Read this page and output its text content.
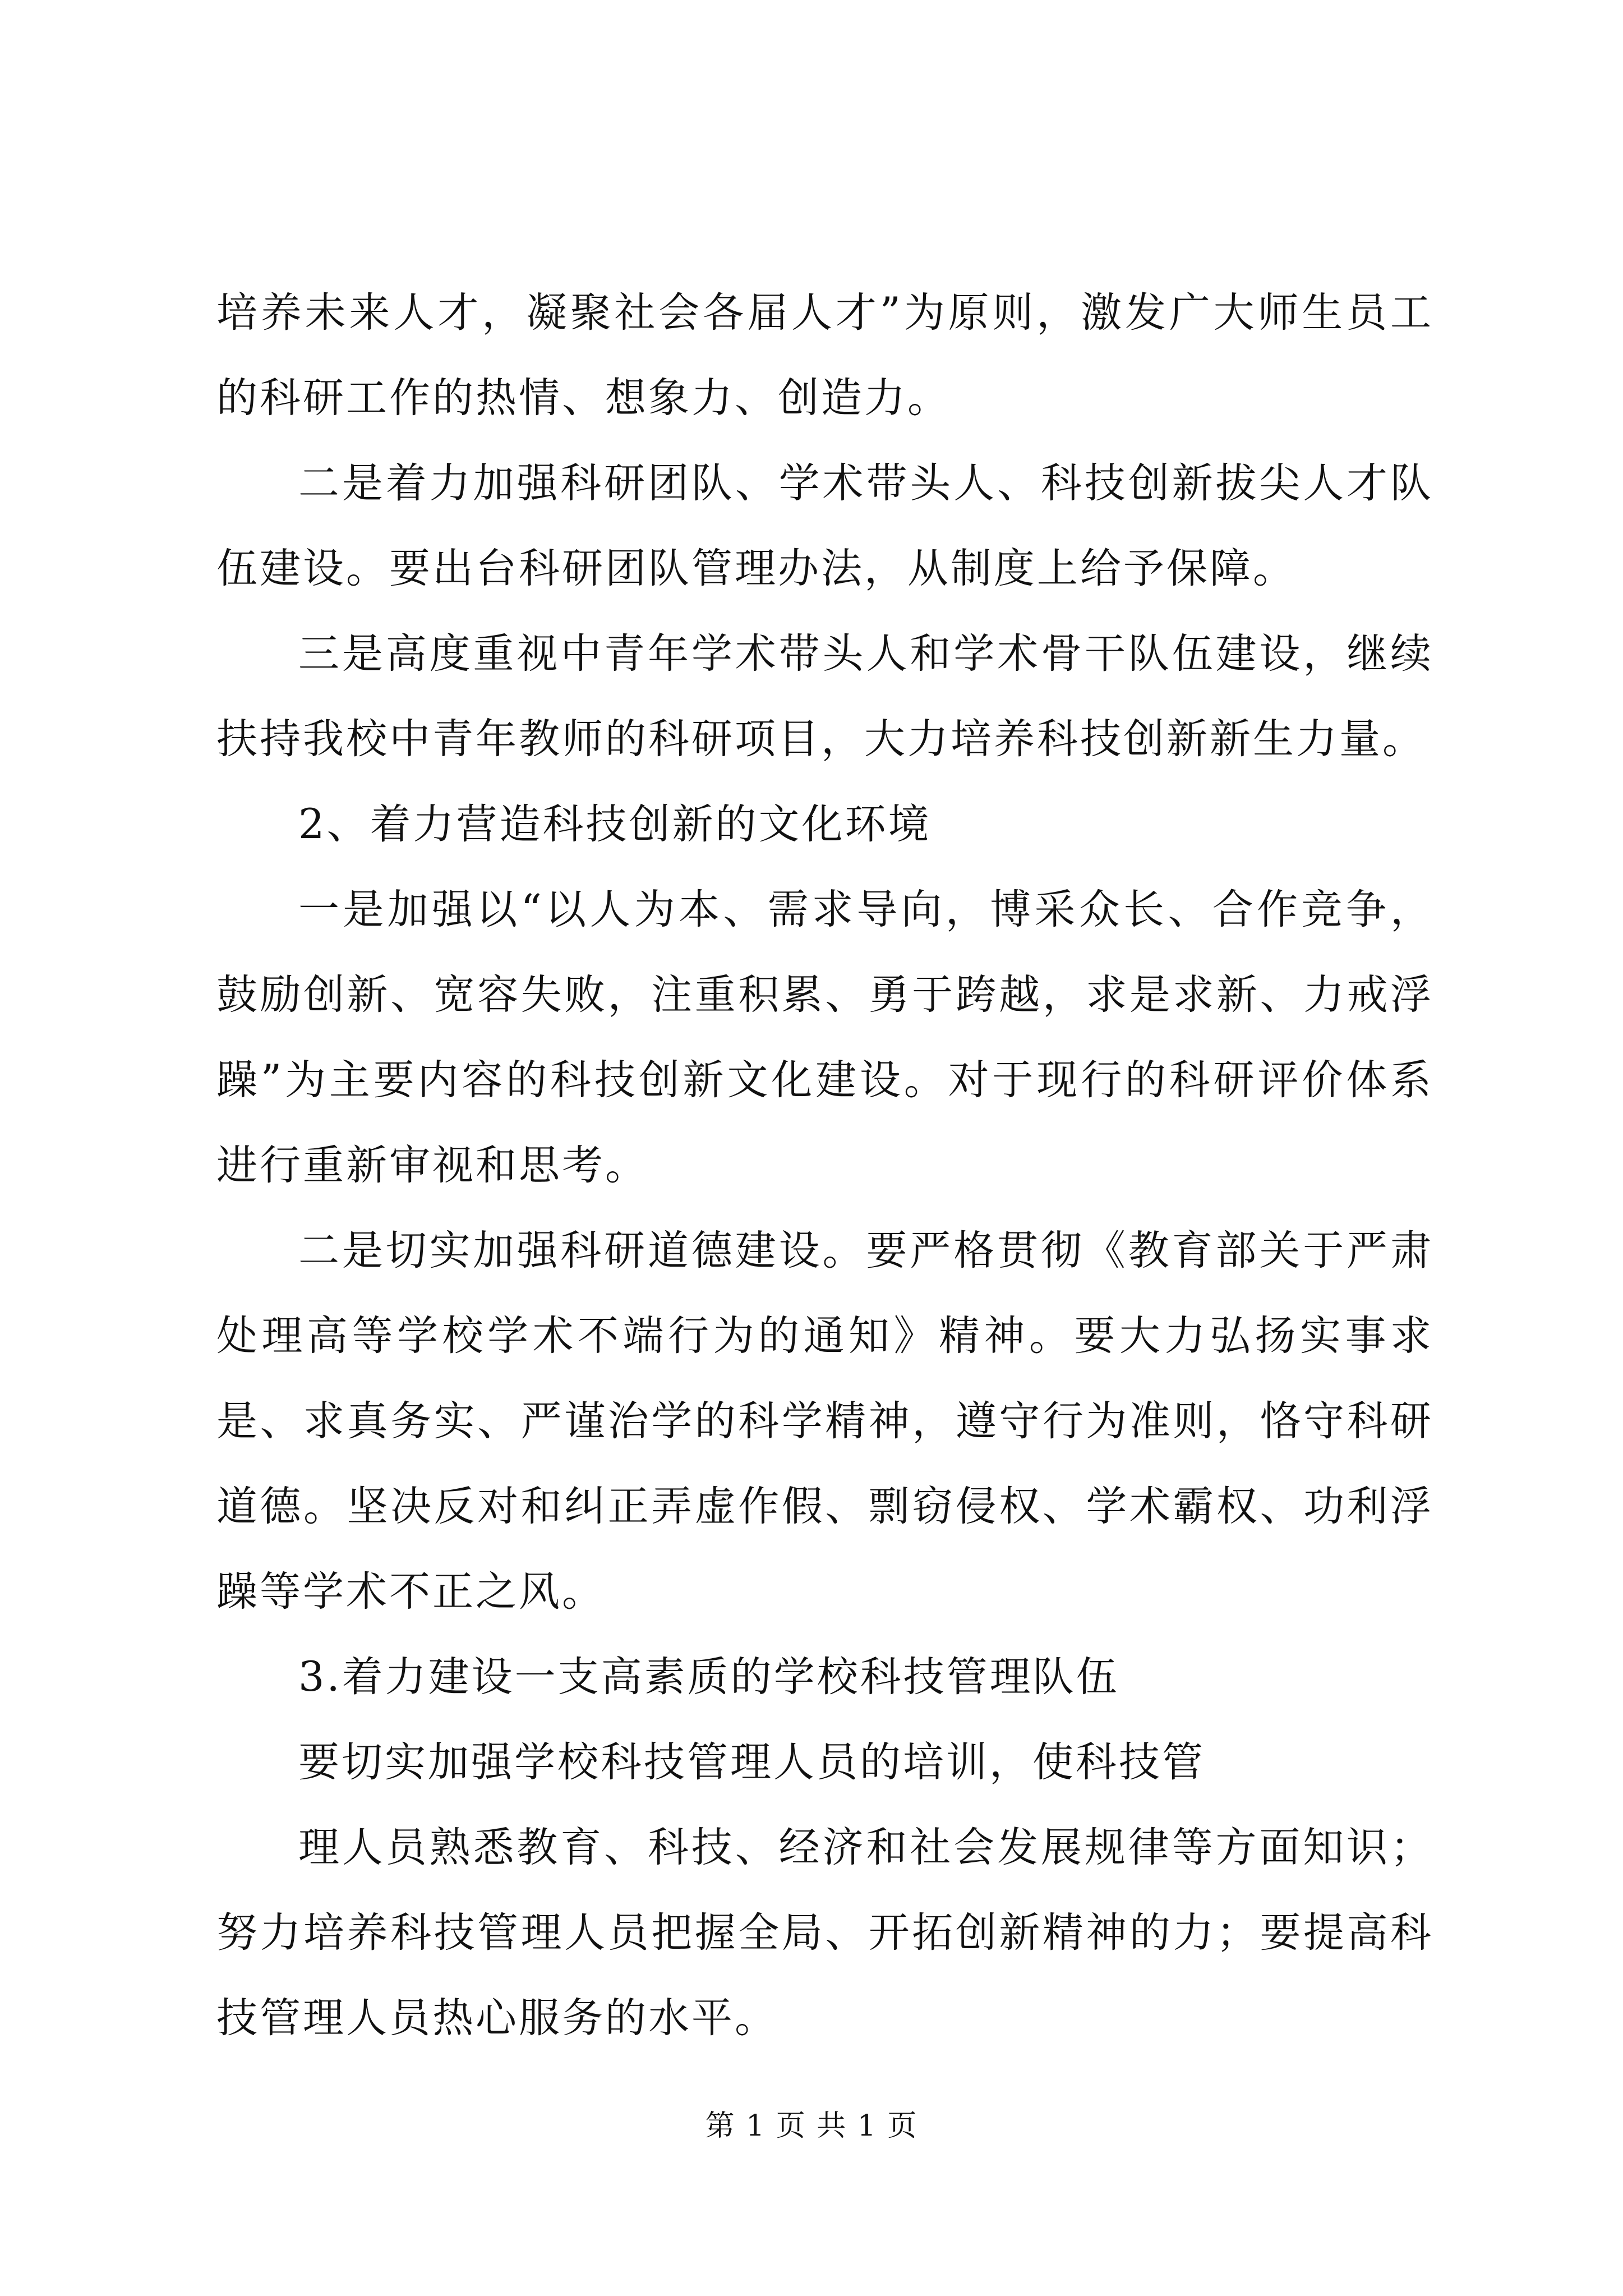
培养未来人才，凝聚社会各届人才”为原则，激发广大师生员工的科研工作的热情、想象力、创造力。

二是着力加强科研团队、学术带头人、科技创新拔尖人才队伍建设。要出台科研团队管理办法，从制度上给予保障。

三是高度重视中青年学术带头人和学术骨干队伍建设，继续扶持我校中青年教师的科研项目，大力培养科技创新新生力量。

2、着力营造科技创新的文化环境

一是加强以“以人为本、需求导向，博采众长、合作竞争，鼓励创新、宽容失败，注重积累、勇于跨越，求是求新、力戒浮躁”为主要内容的科技创新文化建设。对于现行的科研评价体系进行重新审视和思考。

二是切实加强科研道德建设。要严格贯彻《教育部关于严肃处理高等学校学术不端行为的通知》精神。要大力弘扬实事求是、求真务实、严谨治学的科学精神，遵守行为准则，恪守科研道德。坚决反对和纠正弄虚作假、剽窃侵权、学术霸权、功利浮躁等学术不正之风。

3.着力建设一支高素质的学校科技管理队伍

要切实加强学校科技管理人员的培训，使科技管

理人员熟悉教育、科技、经济和社会发展规律等方面知识；努力培养科技管理人员把握全局、开拓创新精神的力；要提高科技管理人员热心服务的水平。

第 1 页 共 1 页
